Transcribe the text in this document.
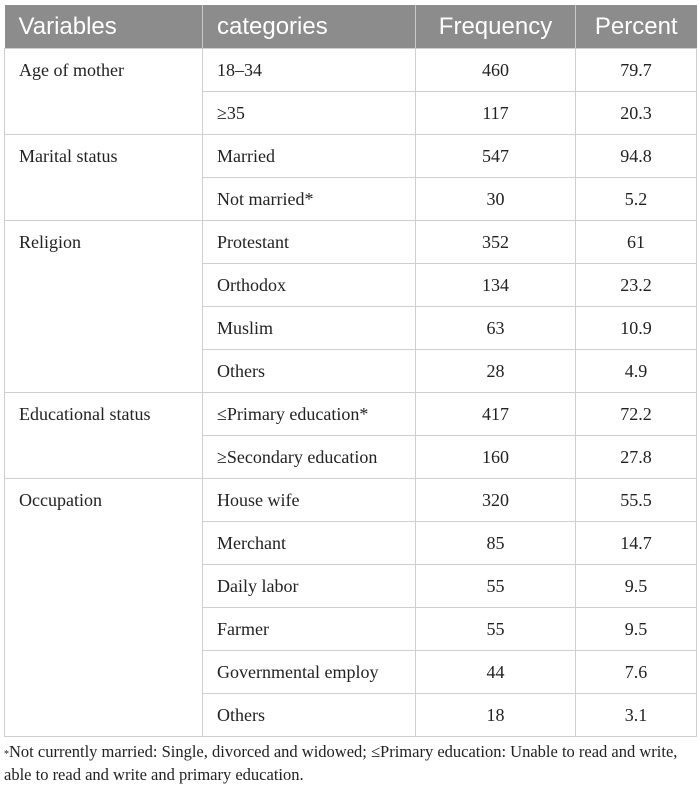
Variables	categories	Frequency	Percent
Age of mother	18–34	460	79.7
	≥35	117	20.3
Marital status	Married	547	94.8
	Not married*	30	5.2
Religion	Protestant	352	61
	Orthodox	134	23.2
	Muslim	63	10.9
	Others	28	4.9
Educational status	≤Primary education*	417	72.2
	≥Secondary education	160	27.8
Occupation	House wife	320	55.5
	Merchant	85	14.7
	Daily labor	55	9.5
	Farmer	55	9.5
	Governmental employ	44	7.6
	Others	18	3.1
*Not currently married: Single, divorced and widowed; ≤Primary education: Unable to read and write, able to read and write and primary education.
